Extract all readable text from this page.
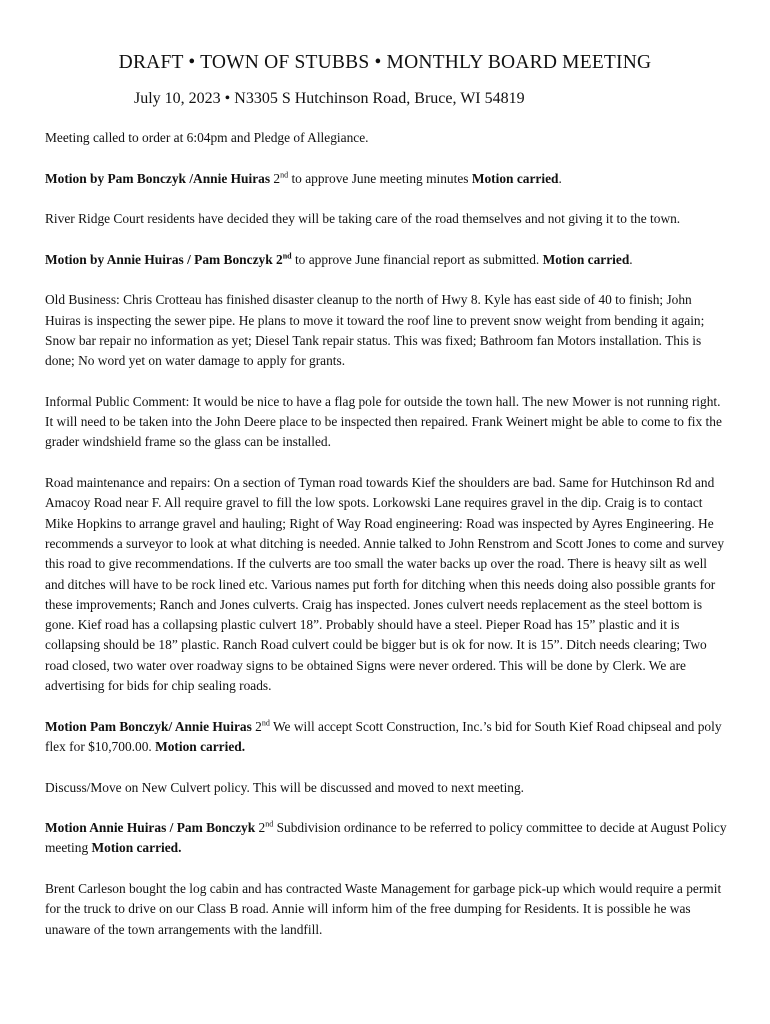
DRAFT • TOWN OF STUBBS • MONTHLY BOARD MEETING
July 10, 2023 • N3305 S Hutchinson Road, Bruce, WI 54819

Meeting called to order at 6:04pm and Pledge of Allegiance.

Motion by Pam Bonczyk /Annie Huiras 2nd to approve June meeting minutes Motion carried.

River Ridge Court residents have decided they will be taking care of the road themselves and not giving it to the town.

Motion by Annie Huiras / Pam Bonczyk 2nd to approve June financial report as submitted. Motion carried.

Old Business: Chris Crotteau has finished disaster cleanup to the north of Hwy 8. Kyle has east side of 40 to finish; John Huiras is inspecting the sewer pipe. He plans to move it toward the roof line to prevent snow weight from bending it again; Snow bar repair no information as yet; Diesel Tank repair status. This was fixed; Bathroom fan Motors installation. This is done; No word yet on water damage to apply for grants.

Informal Public Comment: It would be nice to have a flag pole for outside the town hall. The new Mower is not running right. It will need to be taken into the John Deere place to be inspected then repaired. Frank Weinert might be able to come to fix the grader windshield frame so the glass can be installed.

Road maintenance and repairs: On a section of Tyman road towards Kief the shoulders are bad. Same for Hutchinson Rd and Amacoy Road near F. All require gravel to fill the low spots. Lorkowski Lane requires gravel in the dip. Craig is to contact Mike Hopkins to arrange gravel and hauling; Right of Way Road engineering: Road was inspected by Ayres Engineering. He recommends a surveyor to look at what ditching is needed. Annie talked to John Renstrom and Scott Jones to come and survey this road to give recommendations. If the culverts are too small the water backs up over the road. There is heavy silt as well and ditches will have to be rock lined etc. Various names put forth for ditching when this needs doing also possible grants for these improvements; Ranch and Jones culverts. Craig has inspected. Jones culvert needs replacement as the steel bottom is gone. Kief road has a collapsing plastic culvert 18”. Probably should have a steel. Pieper Road has 15” plastic and it is collapsing should be 18” plastic. Ranch Road culvert could be bigger but is ok for now. It is 15”. Ditch needs clearing; Two road closed, two water over roadway signs to be obtained Signs were never ordered. This will be done by Clerk. We are advertising for bids for chip sealing roads.

Motion Pam Bonczyk/ Annie Huiras 2nd We will accept Scott Construction, Inc.’s bid for South Kief Road chipseal and poly flex for $10,700.00. Motion carried.

Discuss/Move on New Culvert policy. This will be discussed and moved to next meeting.

Motion Annie Huiras / Pam Bonczyk 2nd Subdivision ordinance to be referred to policy committee to decide at August Policy meeting Motion carried.

Brent Carleson bought the log cabin and has contracted Waste Management for garbage pick-up which would require a permit for the truck to drive on our Class B road. Annie will inform him of the free dumping for Residents. It is possible he was unaware of the town arrangements with the landfill.
